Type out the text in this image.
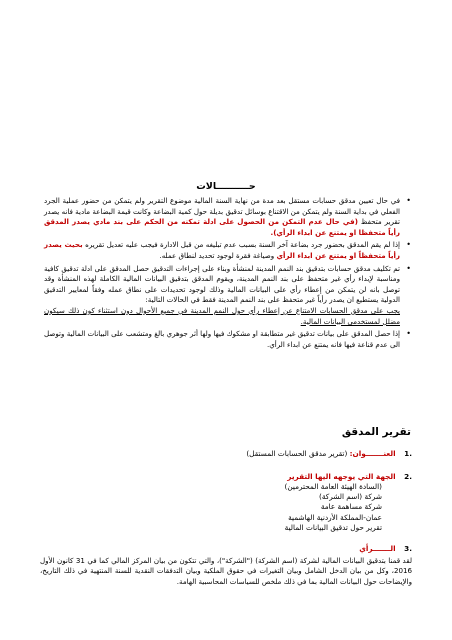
حــــــــــالات
• في حال تعيين مدقق حسابات مستقل بعد مدة من نهاية السنة المالية موضوع التقرير ولم يتمكن من حضور عملية الجرد الفعلي في بداية السنة ولم يتمكن من الاقتناع بوسائل تدقيق بديلة حول كمية البضاعة وكانت قيمة البضاعة مادية فانه يصدر تقرير متحفظ (في حال عدم التمكن من الحصول على ادلة تمكنه من الحكم على بند مادي يصدر المدقق رأياً متحفظا او يمتنع عن ابداء الرأي).
• إذا لم يقم المدقق بحضور جرد بضاعة آخر السنة بسبب عدم تبليغه من قبل الادارة فيجب عليه تعديل تقريره بحيث يصدر رأياً متحفظاً او يمتنع عن ابداء الرأي وصياغة فقرة لوجود تحديد لنطاق عمله.
• تم تكليف مدقق حسابات بتدقيق بند النمم المدينة لمنشأة وبناء على إجراءات التدقيق حصل المدقق على ادلة تدقيق كافية ومناسبة لإبداء رأي غير متحفظ على بند النمم المدينة، ويقوم المدقق بتدقيق البيانات المالية الكاملة لهذه المنشأة وقد توصل بانه لن يتمكن من إعطاء رأي على البيانات المالية وذلك لوجود تحديدات على نطاق عمله وفقاً لمعايير التدقيق الدولية يستطيع ان يصدر رأياً غير متحفظ على بند النمم المدينة فقط في الحالات التالية:
يجب على مدقق الحسابات الامتناع عن إعطاء رأي حول النمم المدينة في جميع الأحوال دون استثناء كون ذلك سيكون مضلل لمستخدمي البيانات المالية.
• إذا حصل المدقق على بيانات تدقيق غير متطابقة او مشكوك فيها ولها أثر جوهري بالغ ومتشعب على البيانات المالية وتوصل الى عدم قناعة فيها فانه يمتنع عن ابداء الرأي.
تقرير المدقق
.1 العنـــــــوان: (تقرير مدقق الحسابات المستقل)
.2 الجهة التي يوجهه اليها التقرير
(السادة الهيئة العامة المحترمين)
شركة (اسم الشركة)
شركة مساهمة عامة
عمان-المملكة الأردنية الهاشمية
تقرير حول تدقيق البيانات المالية
.3 الـــــــرأي
لقد قمنا بتدقيق البيانات المالية لشركة (اسم الشركة) ("الشركة")، والتي تتكون من بيان المركز المالي كما في 31 كانون الأول 2016، وكل من بيان الدخل الشامل وبيان التغيرات في حقوق الملكية وبيان التدفقات النقدية للسنة المنتهية في ذلك التاريخ، والإيضاحات حول البيانات المالية بما في ذلك ملخص للسياسات المحاسبية الهامة.
